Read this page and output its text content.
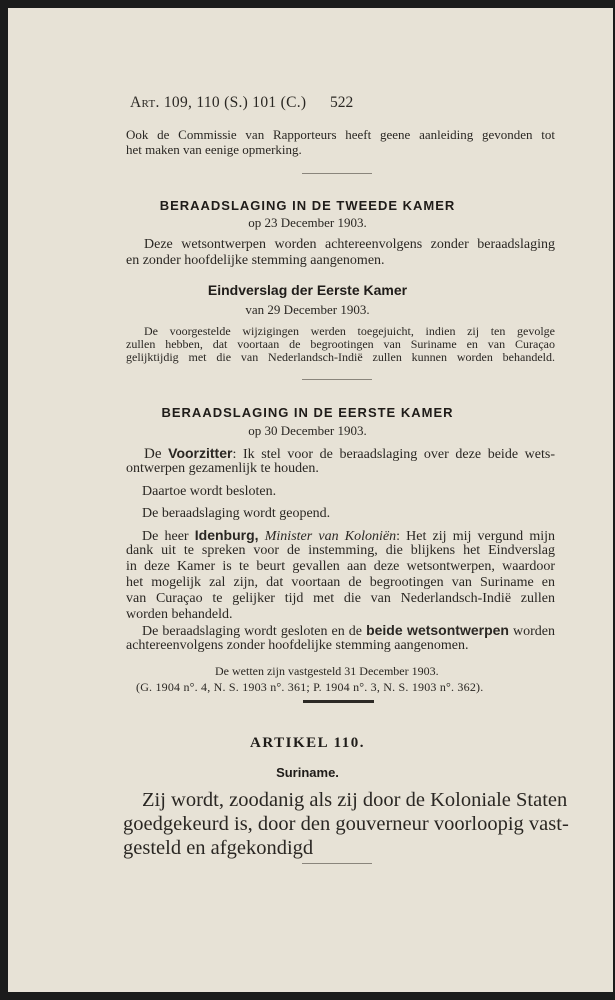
Art. 109, 110 (S.) 101 (C.) 522
Ook de Commissie van Rapporteurs heeft geene aanleiding gevonden tot
het maken van eenige opmerking.
BERAADSLAGING IN DE TWEEDE KAMER
op 23 December 1903.
Deze wetsontwerpen worden achtereenvolgens zonder beraadslaging
en zonder hoofdelijke stemming aangenomen.
Eindverslag der Eerste Kamer
van 29 December 1903.
De voorgestelde wijzigingen werden toegejuicht, indien zij ten gevolge
zullen hebben, dat voortaan de begrootingen van Suriname en van Curaçao
gelijktijdig met die van Nederlandsch-Indië zullen kunnen worden behandeld.
BERAADSLAGING IN DE EERSTE KAMER
op 30 December 1903.
De Voorzitter: Ik stel voor de beraadslaging over deze beide wets-
ontwerpen gezamenlijk te houden.
Daartoe wordt besloten.
De beraadslaging wordt geopend.
De heer Idenburg, Minister van Koloniën: Het zij mij vergund mijn
dank uit te spreken voor de instemming, die blijkens het Eindverslag
in deze Kamer is te beurt gevallen aan deze wetsontwerpen, waardoor
het mogelijk zal zijn, dat voortaan de begrootingen van Suriname en
van Curaçao te gelijker tijd met die van Nederlandsch-Indië zullen
worden behandeld.
De beraadslaging wordt gesloten en de beide wetsontwerpen worden
achtereenvolgens zonder hoofdelijke stemming aangenomen.
De wetten zijn vastgesteld 31 December 1903.
(G. 1904 n°. 4, N. S. 1903 n°. 361; P. 1904 n°. 3, N. S. 1903 n°. 362).
ARTIKEL 110.
Suriname.
Zij wordt, zoodanig als zij door de Koloniale Staten
goedgekeurd is, door den gouverneur voorloopig vast-
gesteld en afgekondigd
